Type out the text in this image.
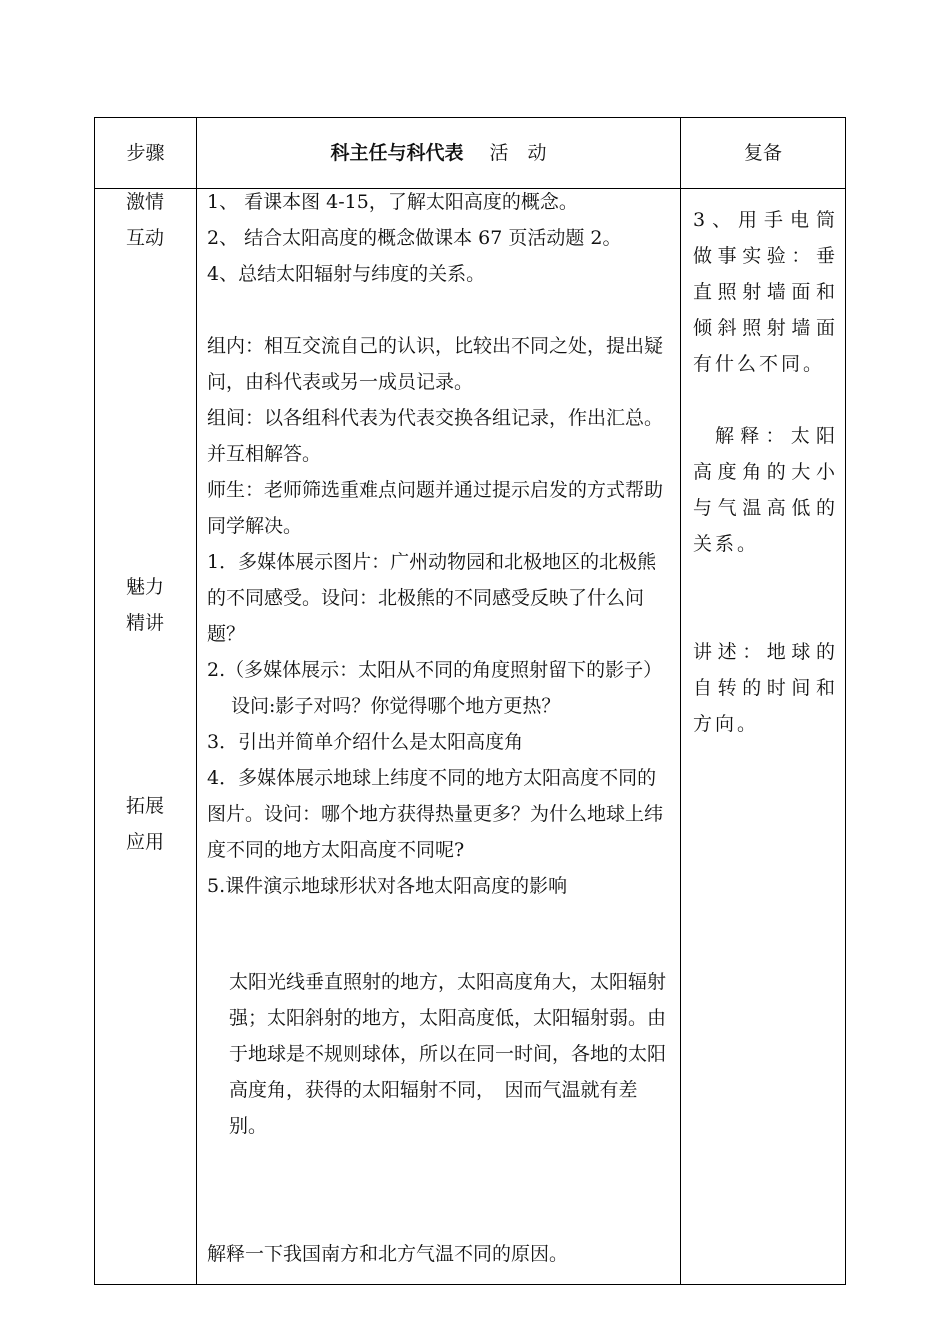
步骤	科主任与科代表 活　动	复备
激情
互动
魅力
精讲
拓展
应用

1、 看课本图 4-15，了解太阳高度的概念。

2、 结合太阳高度的概念做课本 67 页活动题 2。

4、总结太阳辐射与纬度的关系。

组内：相互交流自己的认识，比较出不同之处，提出疑问，由科代表或另一成员记录。

组间：以各组科代表为代表交换各组记录，作出汇总。并互相解答。

师生：老师筛选重难点问题并通过提示启发的方式帮助同学解决。

1．多媒体展示图片：广州动物园和北极地区的北极熊的不同感受。设问：北极熊的不同感受反映了什么问题？

2.（多媒体展示：太阳从不同的角度照射留下的影子）

设问:影子对吗？你觉得哪个地方更热？

3．引出并简单介绍什么是太阳高度角

4．多媒体展示地球上纬度不同的地方太阳高度不同的图片。设问：哪个地方获得热量更多？为什么地球上纬度不同的地方太阳高度不同呢?

5.课件演示地球形状对各地太阳高度的影响

太阳光线垂直照射的地方，太阳高度角大，太阳辐射强；太阳斜射的地方，太阳高度低，太阳辐射弱。由于地球是不规则球体，所以在同一时间，各地的太阳高度角，获得的太阳辐射不同，　因而气温就有差别。

解释一下我国南方和北方气温不同的原因。

3、用手电筒做事实验：垂直照射墙面和倾斜照射墙面有什么不同。

解释：太阳高度角的大小与气温高低的关系。

讲述：地球的自转的时间和方向。
